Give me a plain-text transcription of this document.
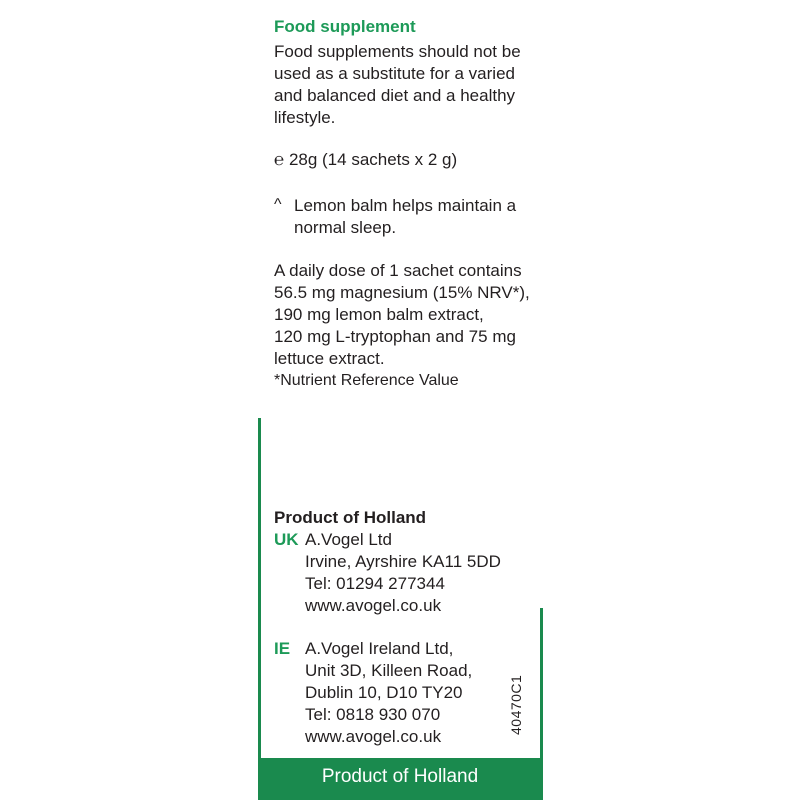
Food supplement
Food supplements should not be
used as a substitute for a varied
and balanced diet and a healthy
lifestyle.
℮ 28g (14 sachets x 2 g)
^ Lemon balm helps maintain a
normal sleep.
A daily dose of 1 sachet contains
56.5 mg magnesium (15% NRV*),
190 mg lemon balm extract,
120 mg L-tryptophan and 75 mg
lettuce extract.
*Nutrient Reference Value
Product of Holland
UK A.Vogel Ltd
Irvine, Ayrshire KA11 5DD
Tel: 01294 277344
www.avogel.co.uk
IE A.Vogel Ireland Ltd,
Unit 3D, Killeen Road,
Dublin 10, D10 TY20
Tel: 0818 930 070
www.avogel.co.uk
40470C1
Product of Holland
